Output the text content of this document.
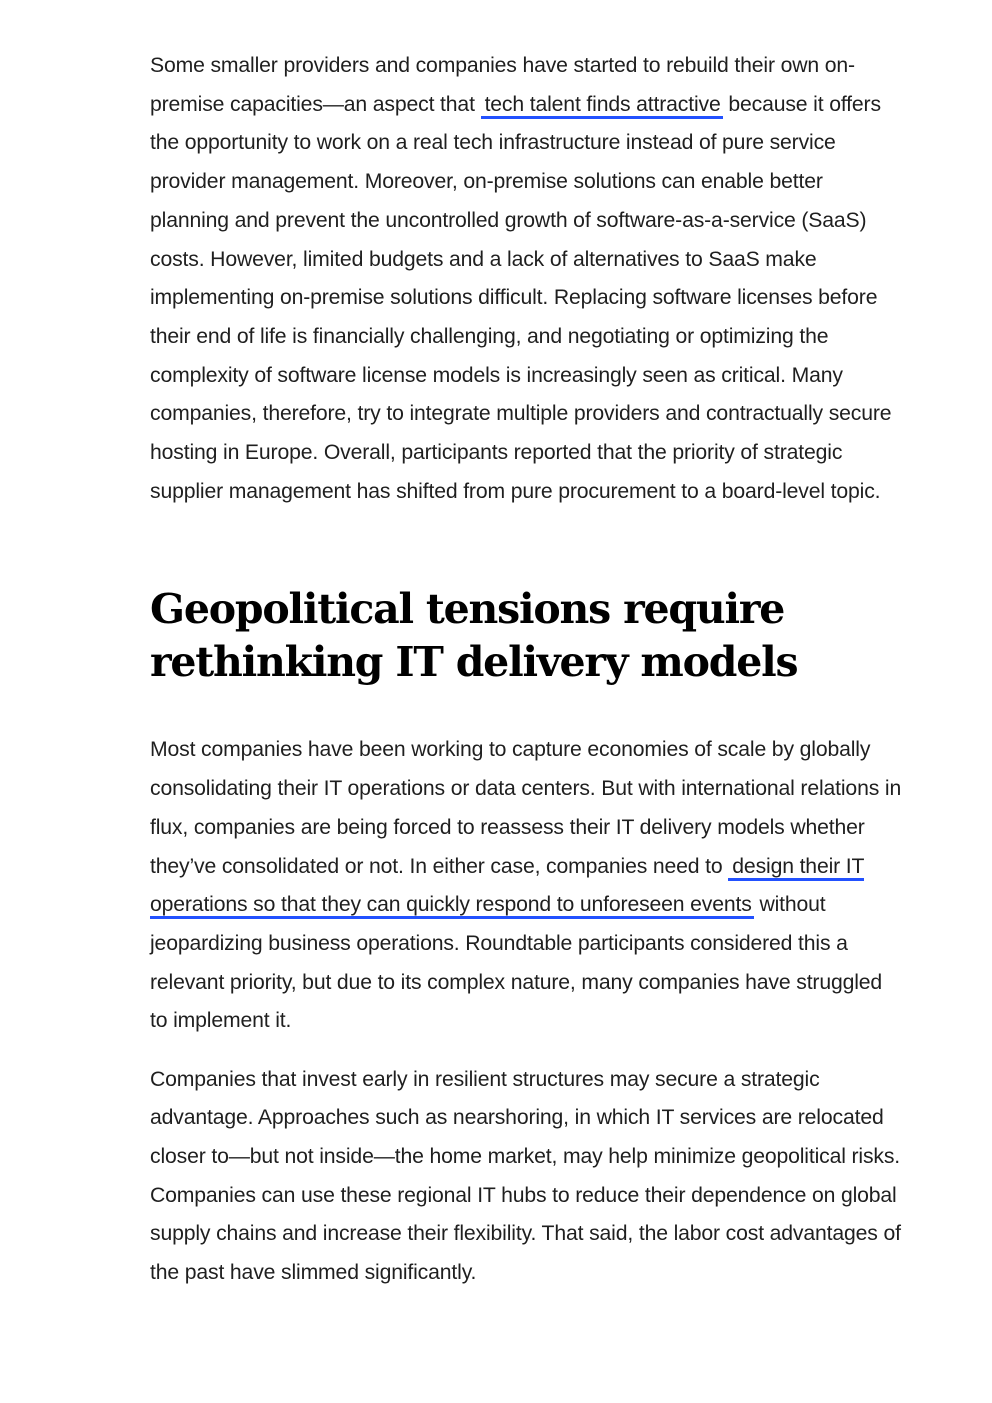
Some smaller providers and companies have started to rebuild their own on-premise capacities—an aspect that tech talent finds attractive because it offers the opportunity to work on a real tech infrastructure instead of pure service provider management. Moreover, on-premise solutions can enable better planning and prevent the uncontrolled growth of software-as-a-service (SaaS) costs. However, limited budgets and a lack of alternatives to SaaS make implementing on-premise solutions difficult. Replacing software licenses before their end of life is financially challenging, and negotiating or optimizing the complexity of software license models is increasingly seen as critical. Many companies, therefore, try to integrate multiple providers and contractually secure hosting in Europe. Overall, participants reported that the priority of strategic supplier management has shifted from pure procurement to a board-level topic.

Geopolitical tensions require rethinking IT delivery models

Most companies have been working to capture economies of scale by globally consolidating their IT operations or data centers. But with international relations in flux, companies are being forced to reassess their IT delivery models whether they’ve consolidated or not. In either case, companies need to design their IT operations so that they can quickly respond to unforeseen events without jeopardizing business operations. Roundtable participants considered this a relevant priority, but due to its complex nature, many companies have struggled to implement it.

Companies that invest early in resilient structures may secure a strategic advantage. Approaches such as nearshoring, in which IT services are relocated closer to—but not inside—the home market, may help minimize geopolitical risks. Companies can use these regional IT hubs to reduce their dependence on global supply chains and increase their flexibility. That said, the labor cost advantages of the past have slimmed significantly.
